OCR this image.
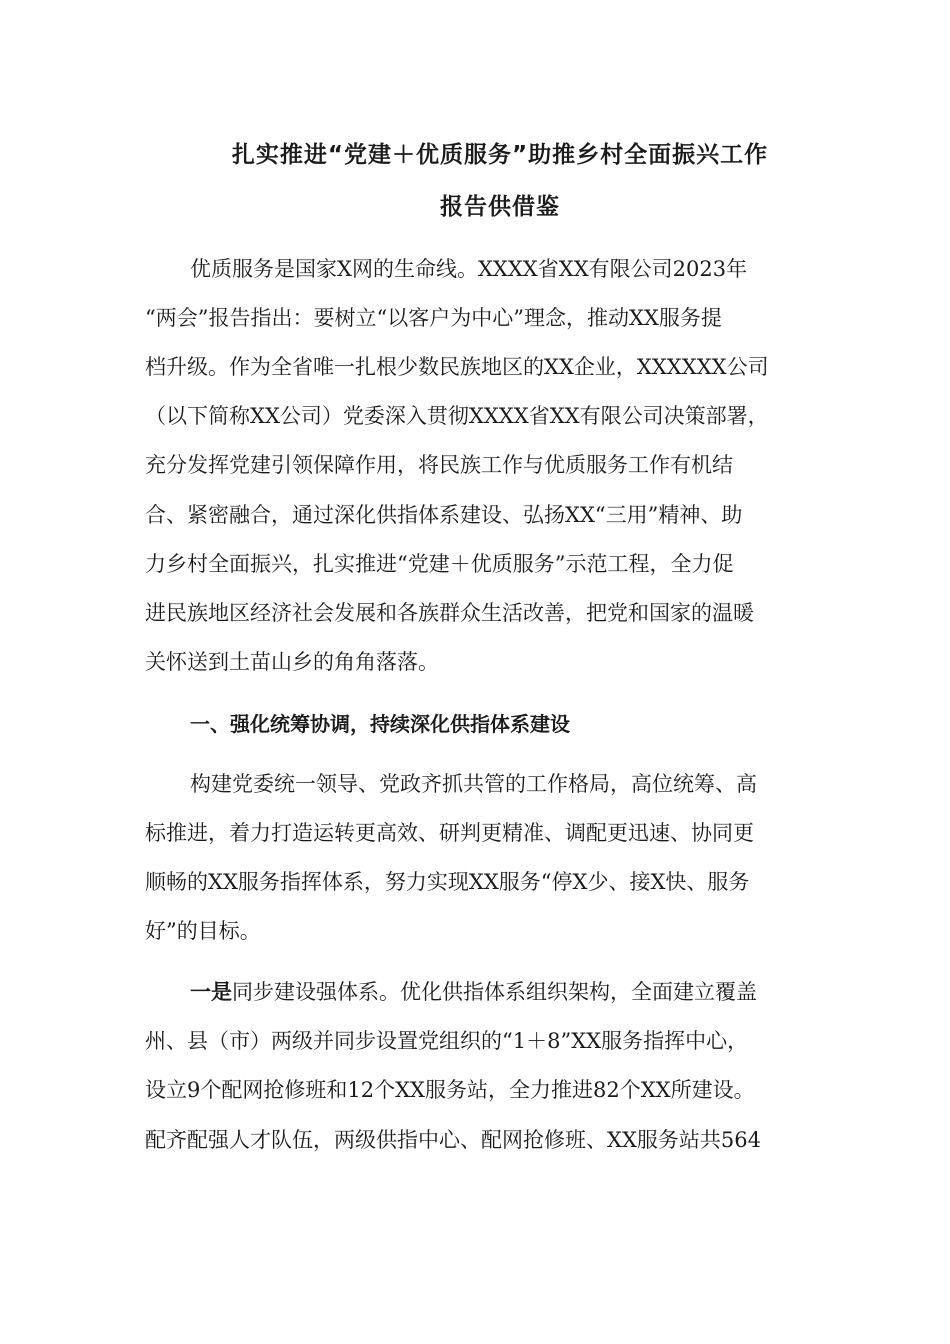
扎实推进“党建＋优质服务”助推乡村全面振兴工作
报告供借鉴

优质服务是国家X网的生命线。XXXX省XX有限公司2023年

“两会”报告指出：要树立“以客户为中心”理念，推动XX服务提

档升级。作为全省唯一扎根少数民族地区的XX企业，XXXXXX公司

（以下简称XX公司）党委深入贯彻XXXX省XX有限公司决策部署，

充分发挥党建引领保障作用，将民族工作与优质服务工作有机结

合、紧密融合，通过深化供指体系建设、弘扬XX“三用”精神、助

力乡村全面振兴，扎实推进“党建＋优质服务”示范工程，全力促

进民族地区经济社会发展和各族群众生活改善，把党和国家的温暖

关怀送到土苗山乡的角角落落。

一、强化统筹协调，持续深化供指体系建设

构建党委统一领导、党政齐抓共管的工作格局，高位统筹、高

标推进，着力打造运转更高效、研判更精准、调配更迅速、协同更

顺畅的XX服务指挥体系，努力实现XX服务“停X少、接X快、服务

好”的目标。

一是同步建设强体系。优化供指体系组织架构，全面建立覆盖

州、县（市）两级并同步设置党组织的“1＋8”XX服务指挥中心，

设立9个配网抢修班和12个XX服务站，全力推进82个XX所建设。

配齐配强人才队伍，两级供指中心、配网抢修班、XX服务站共564
